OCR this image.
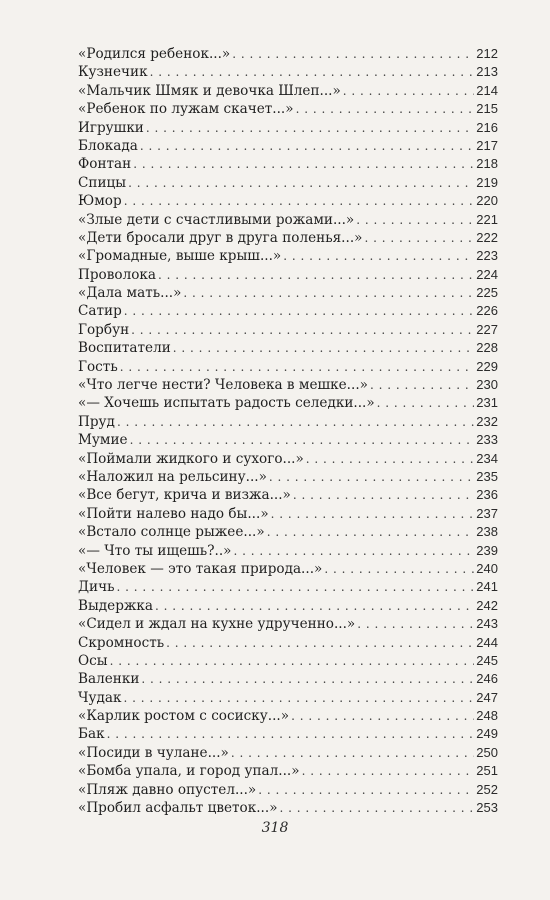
«Родился ребенок...» . . .	212
Кузнечик . . .	213
«Мальчик Шмяк и девочка Шлеп...» . . .	214
«Ребенок по лужам скачет...» . . .	215
Игрушки . . .	216
Блокада . . .	217
Фонтан . . .	218
Спицы . . .	219
Юмор . . .	220
«Злые дети с счастливыми рожами...» . . .	221
«Дети бросали друг в друга поленья...» . . .	222
«Громадные, выше крыш...» . . .	223
Проволока . . .	224
«Дала мать...» . . .	225
Сатир . . .	226
Горбун . . .	227
Воспитатели . . .	228
Гость . . .	229
«Что легче нести? Человека в мешке...» . . .	230
«— Хочешь испытать радость селедки...» . . .	231
Пруд . . .	232
Мумие . . .	233
«Поймали жидкого и сухого...» . . .	234
«Наложил на рельсину...» . . .	235
«Все бегут, крича и визжа...» . . .	236
«Пойти налево надо бы...» . . .	237
«Встало солнце рыжее...» . . .	238
«— Что ты ищешь?..» . . .	239
«Человек — это такая природа...» . . .	240
Дичь . . .	241
Выдержка . . .	242
«Сидел и ждал на кухне удрученно...» . . .	243
Скромность . . .	244
Осы . . .	245
Валенки . . .	246
Чудак . . .	247
«Карлик ростом с сосиску...» . . .	248
Бак . . .	249
«Посиди в чулане...» . . .	250
«Бомба упала, и город упал...» . . .	251
«Пляж давно опустел...» . . .	252
«Пробил асфальт цветок...» . . .	253
318
